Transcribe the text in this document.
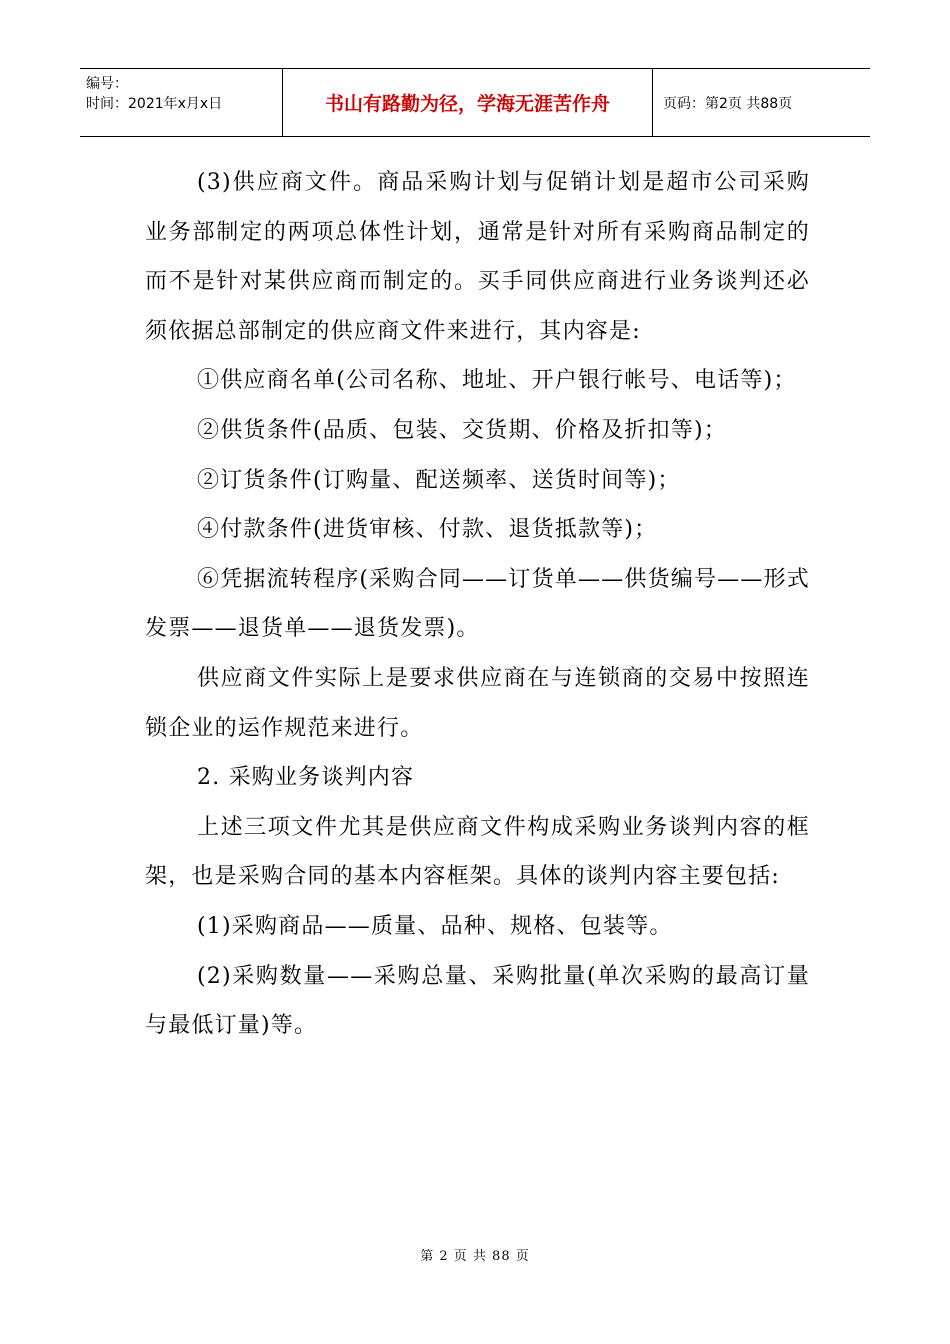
编号：
时间：2021年x月x日	书山有路勤为径，学海无涯苦作舟	页码：第2页 共88页

(3)供应商文件。商品采购计划与促销计划是超市公司采购业务部制定的两项总体性计划，通常是针对所有采购商品制定的而不是针对某供应商而制定的。买手同供应商进行业务谈判还必须依据总部制定的供应商文件来进行，其内容是:

①供应商名单(公司名称、地址、开户银行帐号、电话等)；

②供货条件(品质、包装、交货期、价格及折扣等)；

②订货条件(订购量、配送频率、送货时间等)；

④付款条件(进货审核、付款、退货抵款等)；

⑥凭据流转程序(采购合同——订货单——供货编号——形式发票——退货单——退货发票)。

供应商文件实际上是要求供应商在与连锁商的交易中按照连锁企业的运作规范来进行。

2. 采购业务谈判内容

上述三项文件尤其是供应商文件构成采购业务谈判内容的框架，也是采购合同的基本内容框架。具体的谈判内容主要包括:

(1)采购商品——质量、品种、规格、包装等。

(2)采购数量——采购总量、采购批量(单次采购的最高订量与最低订量)等。

第 2 页 共 88 页
